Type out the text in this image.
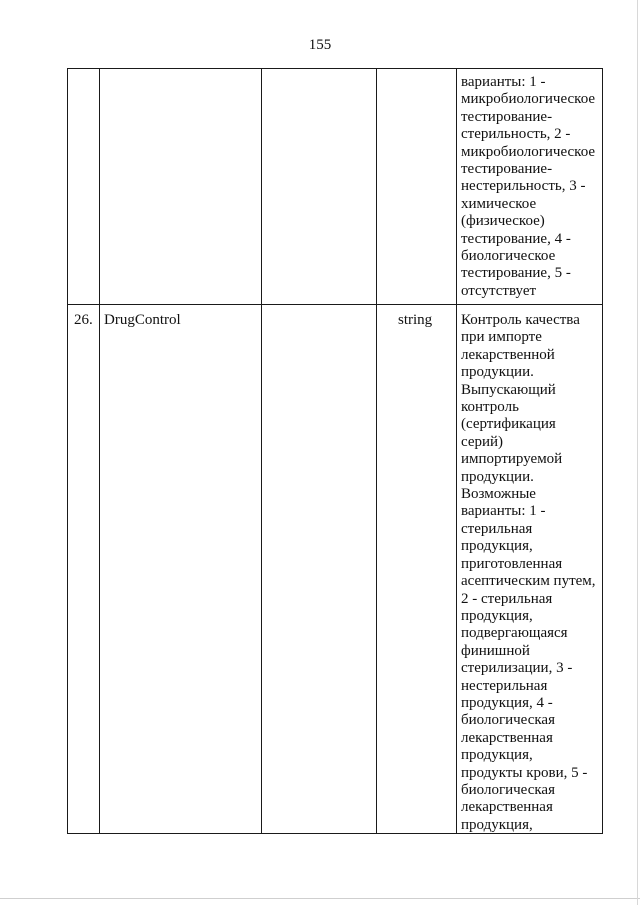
155
варианты: 1 -
микробиологическое
тестирование-
стерильность, 2 -
микробиологическое
тестирование-
нестерильность, 3 -
химическое
(физическое)
тестирование, 4 -
биологическое
тестирование, 5 -
отсутствует
26. DrugControl	string Контроль качества
при импорте
лекарственной
продукции.
Выпускающий
контроль
(сертификация
серий)
импортируемой
продукции.
Возможные
варианты: 1 -
стерильная
продукция,
приготовленная
асептическим путем,
2 - стерильная
продукция,
подвергающаяся
финишной
стерилизации, 3 -
нестерильная
продукция, 4 -
биологическая
лекарственная
продукция,
продукты крови, 5 -
биологическая
лекарственная
продукция,
